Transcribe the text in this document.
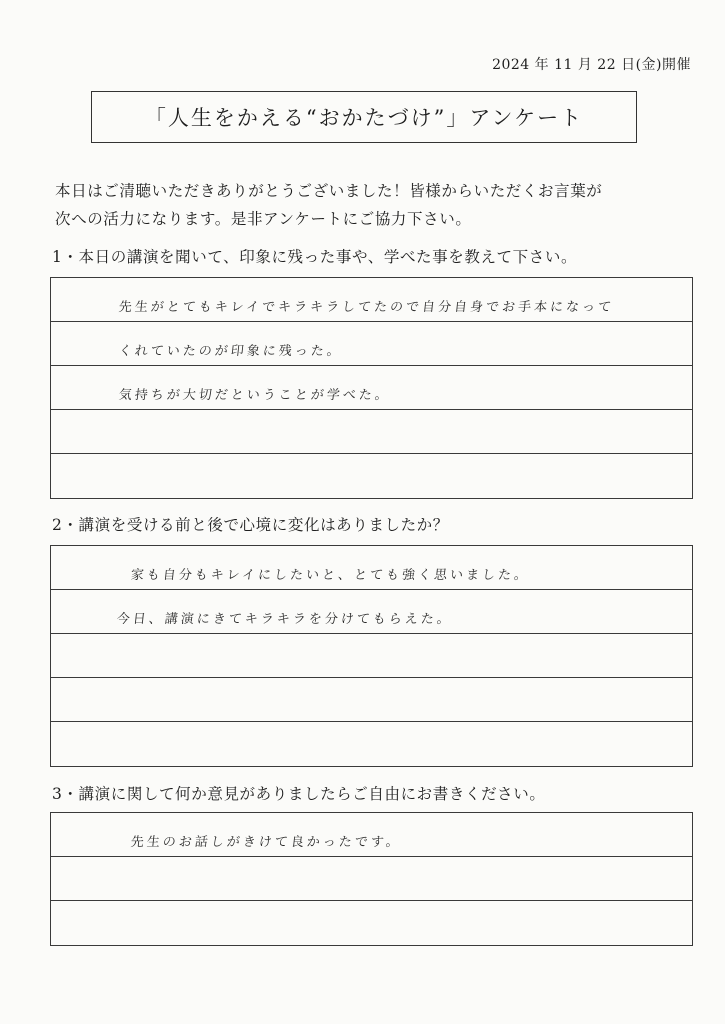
2024 年 11 月 22 日(金)開催
「人生をかえる“おかたづけ”」アンケート
本日はご清聴いただきありがとうございました！皆様からいただくお言葉が
次への活力になります。是非アンケートにご協力下さい。
1・本日の講演を聞いて、印象に残った事や、学べた事を教えて下さい。
先生がとてもキレイでキラキラしてたので自分自身でお手本になって
くれていたのが印象に残った。
気持ちが大切だということが学べた。
2・講演を受ける前と後で心境に変化はありましたか？
家も自分もキレイにしたいと、とても強く思いました。
今日、講演にきてキラキラを分けてもらえた。
3・講演に関して何か意見がありましたらご自由にお書きください。
先生のお話しがきけて良かったです。
